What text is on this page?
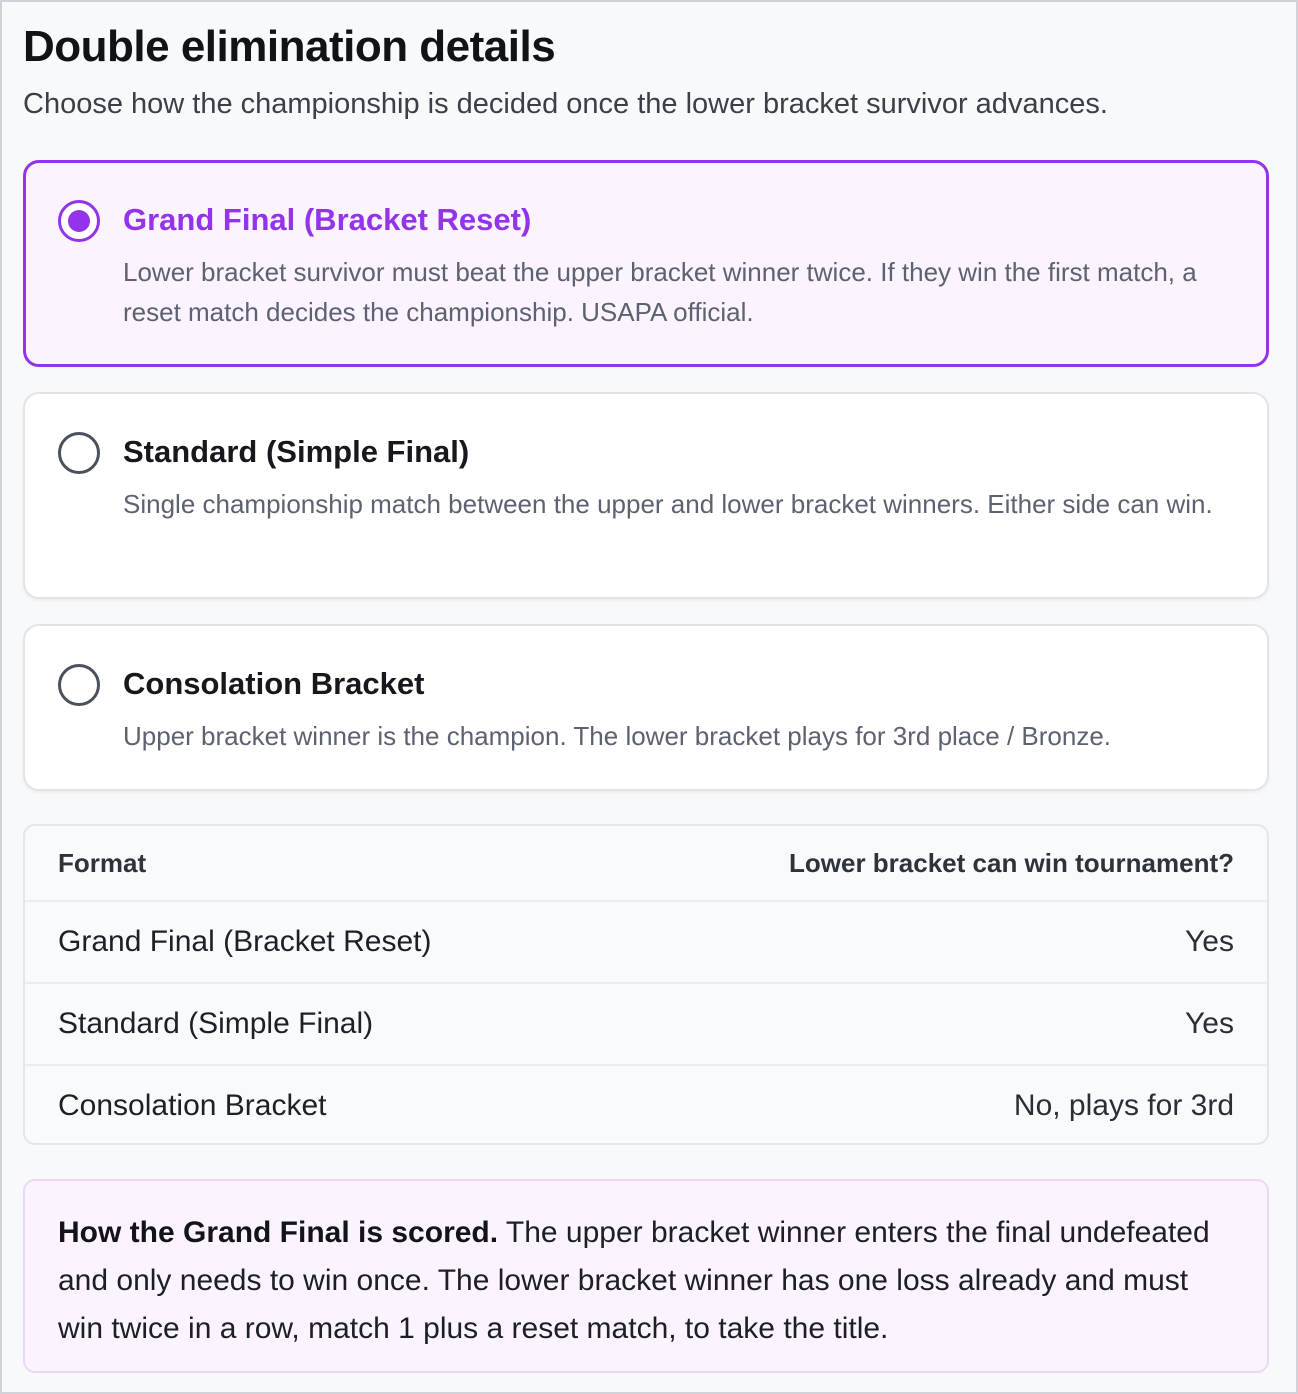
Double elimination details

Choose how the championship is decided once the lower bracket survivor advances.

Grand Final (Bracket Reset)
Lower bracket survivor must beat the upper bracket winner twice. If they win the first match, a reset match decides the championship. USAPA official.
Standard (Simple Final)
Single championship match between the upper and lower bracket winners. Either side can win.
Consolation Bracket
Upper bracket winner is the champion. The lower bracket plays for 3rd place / Bronze.
Format	Lower bracket can win tournament?
Grand Final (Bracket Reset)	Yes
Standard (Simple Final)	Yes
Consolation Bracket	No, plays for 3rd
How the Grand Final is scored. The upper bracket winner enters the final undefeated and only needs to win once. The lower bracket winner has one loss already and must win twice in a row, match 1 plus a reset match, to take the title.
